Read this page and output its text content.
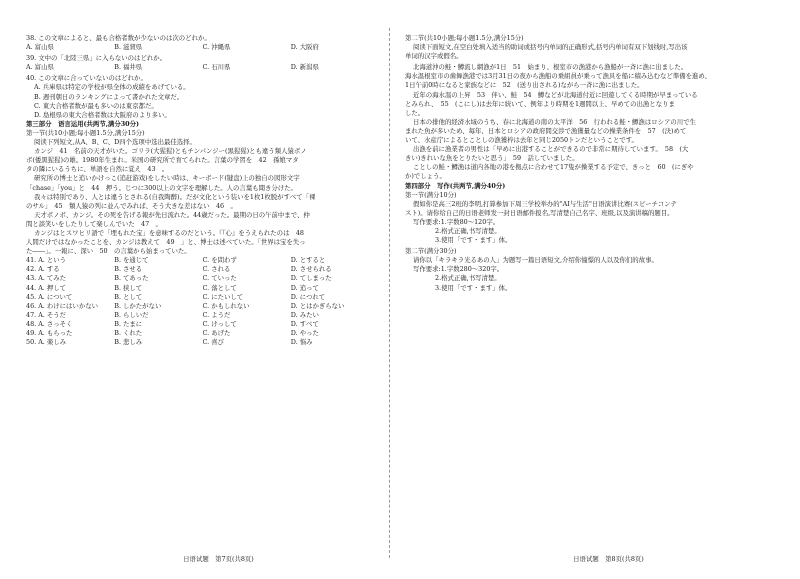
38. この文章によると、最も合格者数が少ないのは次のどれか。
A. 富山県	B. 滋賀県	C. 沖縄県	D. 大阪府
39. 文中の「北陸三県」に入らないのはどれか。
A. 富山県	B. 福井県	C. 石川県	D. 新潟県
40. この文章に合っていないのはどれか。
A. 兵庫県は特定の学校が県全体の成績をあげている。
B. 週刊朝日のランキングによって書かれた文章だ。
C. 東大合格者数が最も多いのは東京都だ。
D. 島根県の東大合格者数は大阪府のより多い。
第三部分　语言运用(共两节,满分30分)
第一节(共10小题;每小题1.5分,满分15分)
阅读下列短文,从A、B、C、D四个选项中选出最佳选择。
カンジ　41　名前の天才がいた。ゴリラ(大猩猩)ともチンパンジー(黒猩猩)とも違う類人猿ボノ
ボ(倭黑猩猩)の雄。1980年生まれ。米国の研究所で育てられた。言葉の学習を　42　孫娘マタ
タの隣にいるうちに、単語を自然に覚え　43　。
研究所の博士と追いかけっこ(追赶游戏)をしたい時は、キーボード(键盘)上の独自の図形文字
「chase」「you」と　44　押う。じつに300以上の文字を理解した。人の言葉も聞き分けた。
我々は特別であり、人とは違うとされる(自我陶醉)。だが文化という装いを1枚1枚脱がすべて「裸
のサル」　45　類人猿の列に並んでみれば、そう大きな差はない　46　。
天才ボノボ、カンジ。その死を告げる報が先日流れた。44歳だった。最期の日の午前中まで、仲
間と談笑いをしたりして楽しんでいた　47　。
カンジはとスワヒリ語で「埋もれた宝」を意味するのだという。『『心』をうえられたのは　48
人間だけではなかったことを、カンジは教えて　49　」と、博士は述べていた。「世界は宝を失っ
た――」。一報に、深い　50　の言葉から始まっていた。
41. A. という	B. を通じて	C. を問わず	D. とすると
42. A. する	B. させる	C. される	D. させられる
43. A. てみた	B. てあった	C. ていった	D. てしまった
44. A. 押して	B. 挟して	C. 落として	D. 追って
45. A. について	B. として	C. にたいして	D. につれて
46. A. わけにはいかない	B. しかたがない	C. かもしれない	D. とはかぎらない
47. A. そうだ	B. らしいだ	C. ようだ	D. みたい
48. A. さっそく	B. たまに	C. けっして	D. すべて
49. A. もらった	B. くれた	C. あげた	D. やった
50. A. 楽しみ	B. 悲しみ	C. 喜び	D. 悩み
日语试题　第7页(共8页)
第二节(共10小题;每小题1.5分,满分15分)
阅读下面短文,在空白处填入适当的助词或括号内单词的正确形式,括号内单词有双下划线时,写出该
单词的汉字或假名。
北海道沖の鮭・鱒流し網漁が1日　51　始まり、根室市の漁港から漁船が一斉に漁に出ました。
海水温根室市の歯舞漁港では3月31日の夜から漁船の乗組員が乗って漁具を船に積み込むなど準備を進め、
1日午前0時になると家族などに　52　(送り出される)ながら一斉に漁に出ました。
近年の海水温の上昇　53　伴い、鮭　54　鱒などが北海道付近に回遊してくる時期が早まっている
とみられ、　55　(こにし)は去年に続いて、例年より時期を1週間以上、早めての出漁となりま
した。
日本の排他的経済水域のうち、春に北海道の南の太平洋　56　行われる鮭・鱒漁はロシアの川で生
まれた魚が多いため、毎年、日本とロシアの政府間交渉で漁獲量などの操業条件を　57　(決)めて
いて、水産庁によるとことしの漁獲枠は去年と同じ2050トンだということです。
出漁を前に漁業者の男性は「早めに出港することができるので非常に期待しています。　58　(大
きい)きれいな魚をとりたいと思う」　59　話していました。
ことしの鮭・鱒漁は道内各地の港を拠点に合わせて17隻が操業する予定で、きっと　60　(にぎや
か)でしょう。
第四部分　写作(共两节,满分40分)
第一节(满分10分)
假如你是高三2班的李明,打算参加下周三学校举办的"AI与生活"日语演讲比赛(スピーチコンテ
スト)。请你给自己的日语老师发一封日语邮件报名,写清楚自己名字、班级,以及演讲稿的题目。
写作要求:1.字数80～120字。
2.格式正确,书写清楚。
3.使用「です・ます」体。
第二节(满分30分)
请你以「キラキラ光るあの人」为题写一篇日语短文,介绍你憧憬的人以及你们的故事。
写作要求:1.字数280～320字。
2.格式正确,书写清楚。
3.使用「です・ます」体。
日语试题　第8页(共8页)
